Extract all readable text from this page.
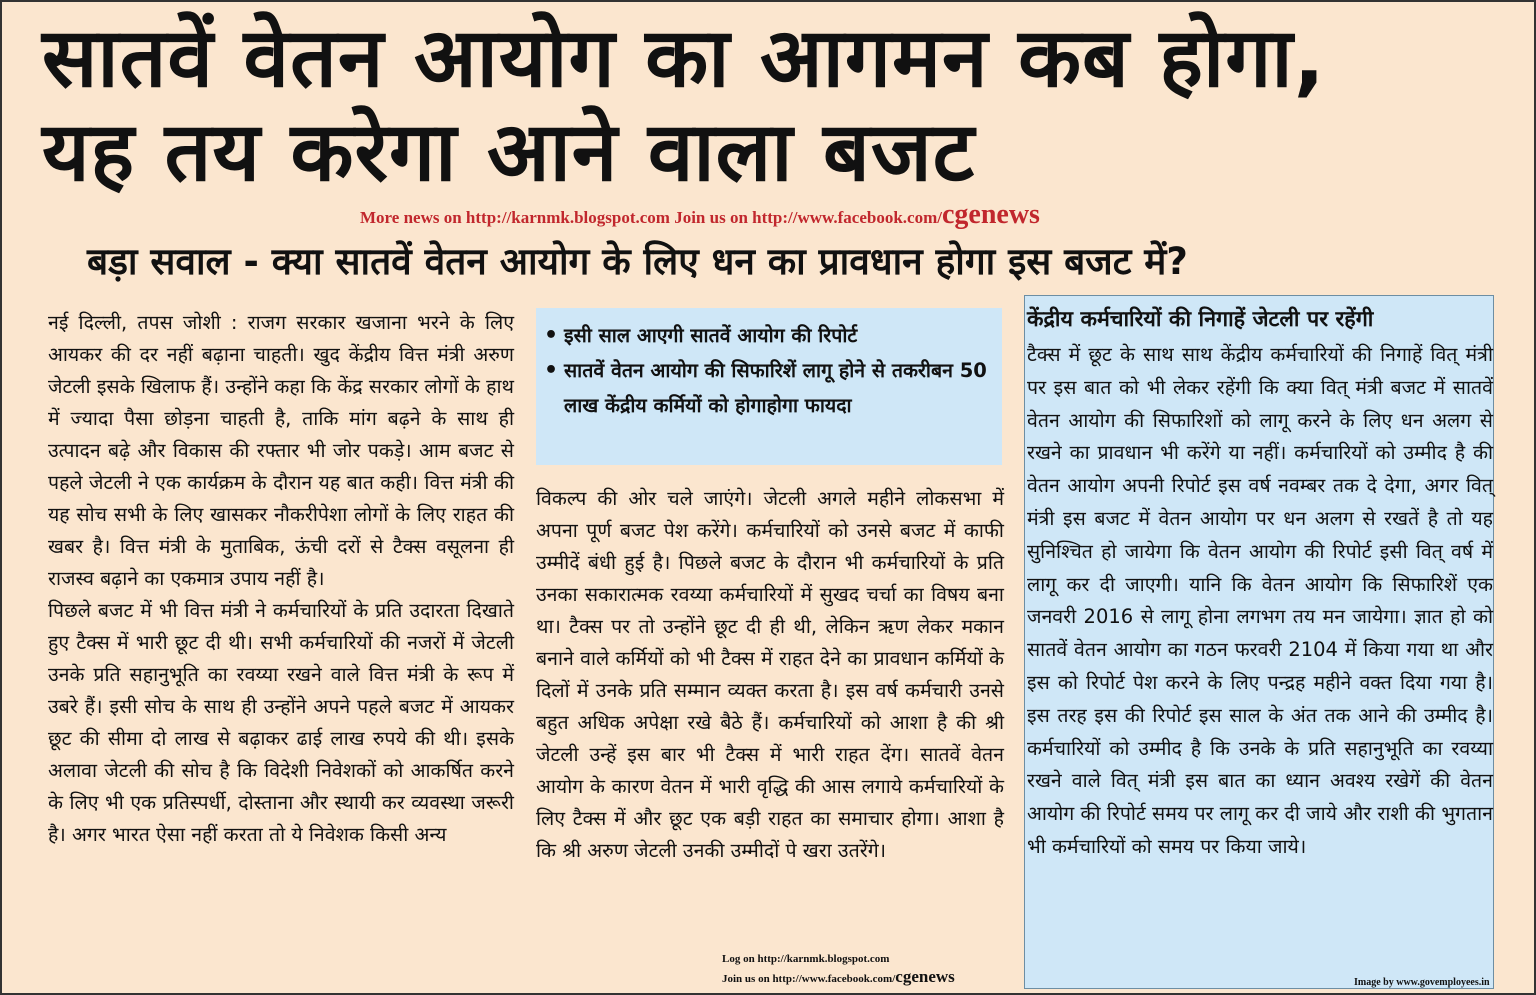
सातवें वेतन आयोग का आगमन कब होगा,
यह तय करेगा आने वाला बजट
More news on http://karnmk.blogspot.com Join us on http://www.facebook.com/cgenews
बड़ा सवाल - क्या सातवें वेतन आयोग के लिए धन का प्रावधान होगा इस बजट में?

नई दिल्ली, तपस जोशी : राजग सरकार खजाना भरने के लिए आयकर की दर नहीं बढ़ाना चाहती। खुद केंद्रीय वित्त मंत्री अरुण जेटली इसके खिलाफ हैं। उन्होंने कहा कि केंद्र सरकार लोगों के हाथ में ज्यादा पैसा छोड़ना चाहती है, ताकि मांग बढ़ने के साथ ही उत्पादन बढ़े और विकास की रफ्तार भी जोर पकड़े। आम बजट से पहले जेटली ने एक कार्यक्रम के दौरान यह बात कही। वित्त मंत्री की यह सोच सभी के लिए खासकर नौकरीपेशा लोगों के लिए राहत की खबर है। वित्त मंत्री के मुताबिक, ऊंची दरों से टैक्स वसूलना ही राजस्व बढ़ाने का एकमात्र उपाय नहीं है।

पिछले बजट में भी वित्त मंत्री ने कर्मचारियों के प्रति उदारता दिखाते हुए टैक्स में भारी छूट दी थी। सभी कर्मचारियों की नजरों में जेटली उनके प्रति सहानुभूति का रवय्या रखने वाले वित्त मंत्री के रूप में उबरे हैं। इसी सोच के साथ ही उन्होंने अपने पहले बजट में आयकर छूट की सीमा दो लाख से बढ़ाकर ढाई लाख रुपये की थी। इसके अलावा जेटली की सोच है कि विदेशी निवेशकों को आकर्षित करने के लिए भी एक प्रतिस्पर्धी, दोस्ताना और स्थायी कर व्यवस्था जरूरी है। अगर भारत ऐसा नहीं करता तो ये निवेशक किसी अन्य

• इसी साल आएगी सातवें आयोग की रिपोर्ट
• सातवें वेतन आयोग की सिफारिशें लागू होने से तकरीबन 50 लाख केंद्रीय कर्मियों को होगाहोगा फायदा

विकल्प की ओर चले जाएंगे। जेटली अगले महीने लोकसभा में अपना पूर्ण बजट पेश करेंगे। कर्मचारियों को उनसे बजट में काफी उम्मीदें बंधी हुई है। पिछले बजट के दौरान भी कर्मचारियों के प्रति उनका सकारात्मक रवय्या कर्मचारियों में सुखद चर्चा का विषय बना था। टैक्स पर तो उन्होंने छूट दी ही थी, लेकिन ऋण लेकर मकान बनाने वाले कर्मियों को भी टैक्स में राहत देने का प्रावधान कर्मियों के दिलों में उनके प्रति सम्मान व्यक्त करता है। इस वर्ष कर्मचारी उनसे बहुत अधिक अपेक्षा रखे बैठे हैं। कर्मचारियों को आशा है की श्री जेटली उन्हें इस बार भी टैक्स में भारी राहत देंग। सातवें वेतन आयोग के कारण वेतन में भारी वृद्धि की आस लगाये कर्मचारियों के लिए टैक्स में और छूट एक बड़ी राहत का समाचार होगा। आशा है कि श्री अरुण जेटली उनकी उम्मीदों पे खरा उतरेंगे।

केंद्रीय कर्मचारियों की निगाहें जेटली पर रहेंगी

टैक्स में छूट के साथ साथ केंद्रीय कर्मचारियों की निगाहें वित् मंत्री पर इस बात को भी लेकर रहेंगी कि क्या वित् मंत्री बजट में सातवें वेतन आयोग की सिफारिशों को लागू करने के लिए धन अलग से रखने का प्रावधान भी करेंगे या नहीं। कर्मचारियों को उम्मीद है की वेतन आयोग अपनी रिपोर्ट इस वर्ष नवम्बर तक दे देगा, अगर वित् मंत्री इस बजट में वेतन आयोग पर धन अलग से रखतें है तो यह सुनिश्चित हो जायेगा कि वेतन आयोग की रिपोर्ट इसी वित् वर्ष में लागू कर दी जाएगी। यानि कि वेतन आयोग कि सिफारिशें एक जनवरी 2016 से लागू होना लगभग तय मन जायेगा। ज्ञात हो को सातवें वेतन आयोग का गठन फरवरी 2104 में किया गया था और इस को रिपोर्ट पेश करने के लिए पन्द्रह महीने वक्त दिया गया है। इस तरह इस की रिपोर्ट इस साल के अंत तक आने की उम्मीद है। कर्मचारियों को उम्मीद है कि उनके के प्रति सहानुभूति का रवय्या रखने वाले वित् मंत्री इस बात का ध्यान अवश्य रखेगें की वेतन आयोग की रिपोर्ट समय पर लागू कर दी जाये और राशी की भुगतान भी कर्मचारियों को समय पर किया जाये।

Log on http://karnmk.blogspot.com
Join us on http://www.facebook.com/cgenews	Image by www.govemployees.in
